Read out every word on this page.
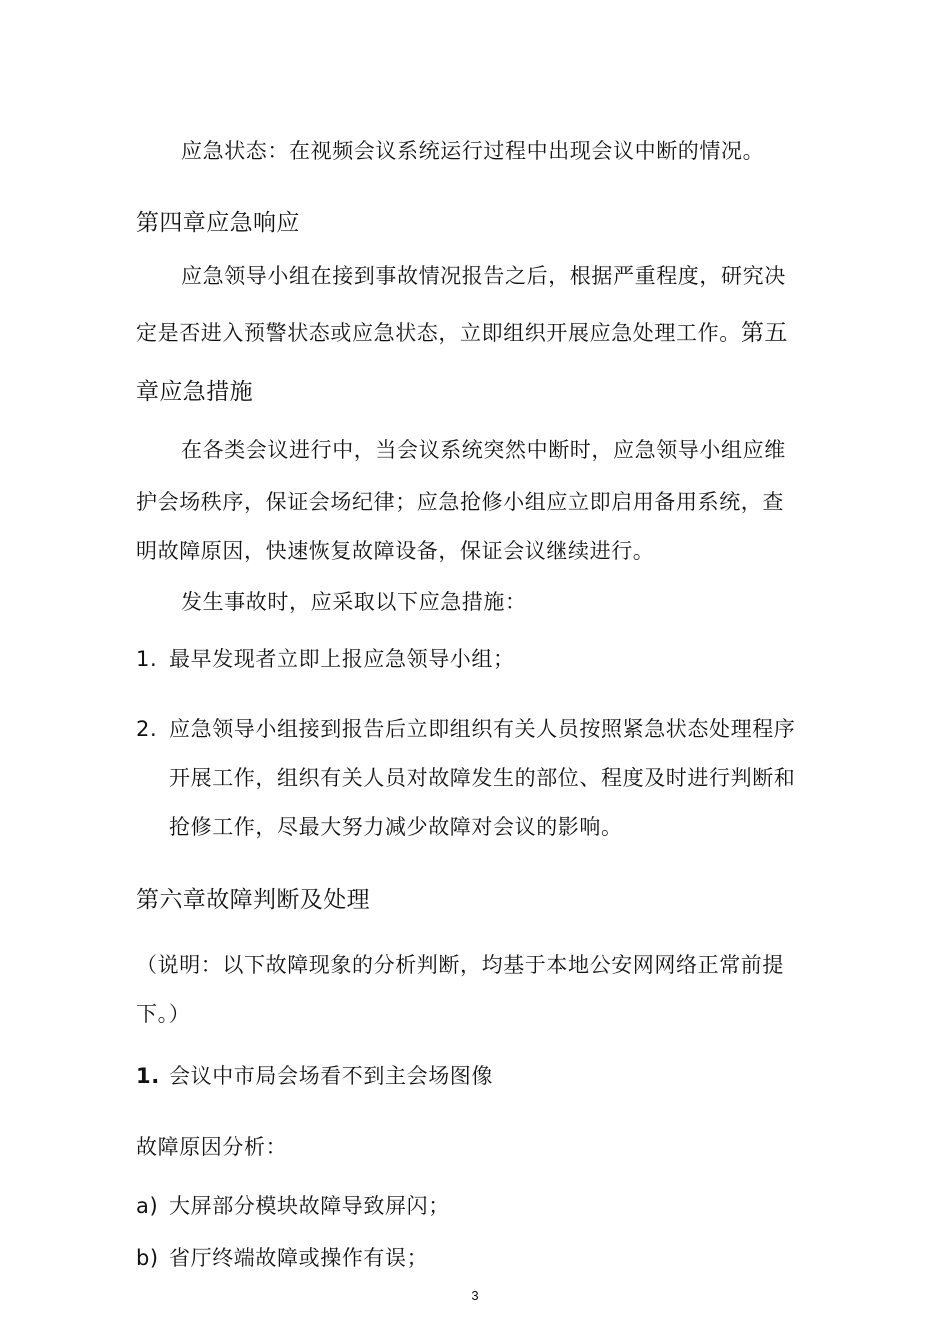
应急状态：在视频会议系统运行过程中出现会议中断的情况。
第四章应急响应
应急领导小组在接到事故情况报告之后，根据严重程度，研究决
定是否进入预警状态或应急状态，立即组织开展应急处理工作。第五
章应急措施
在各类会议进行中，当会议系统突然中断时，应急领导小组应维
护会场秩序，保证会场纪律；应急抢修小组应立即启用备用系统，查
明故障原因，快速恢复故障设备，保证会议继续进行。
发生事故时，应采取以下应急措施：
1. 最早发现者立即上报应急领导小组；
2. 应急领导小组接到报告后立即组织有关人员按照紧急状态处理程序
开展工作，组织有关人员对故障发生的部位、程度及时进行判断和
抢修工作，尽最大努力减少故障对会议的影响。
第六章故障判断及处理
（说明：以下故障现象的分析判断，均基于本地公安网网络正常前提
下。）
1. 会议中市局会场看不到主会场图像
故障原因分析：
a) 大屏部分模块故障导致屏闪；
b) 省厅终端故障或操作有误；
3
